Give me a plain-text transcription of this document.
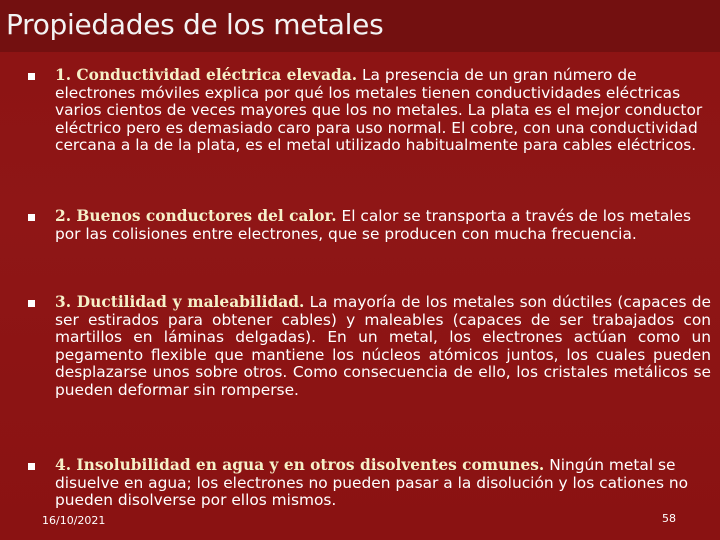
Propiedades de los metales
1. Conductividad eléctrica elevada. La presencia de un gran número de electrones móviles explica por qué los metales tienen conductividades eléctricas varios cientos de veces mayores que los no metales. La plata es el mejor conductor eléctrico pero es demasiado caro para uso normal. El cobre, con una conductividad cercana a la de la plata, es el metal utilizado habitualmente para cables eléctricos.
2. Buenos conductores del calor. El calor se transporta a través de los metales por las colisiones entre electrones, que se producen con mucha frecuencia.
3. Ductilidad y maleabilidad. La mayoría de los metales son dúctiles (capaces de ser estirados para obtener cables) y maleables (capaces de ser trabajados con martillos en láminas delgadas). En un metal, los electrones actúan como un pegamento flexible que mantiene los núcleos atómicos juntos, los cuales pueden desplazarse unos sobre otros. Como consecuencia de ello, los cristales metálicos se pueden deformar sin romperse.
4. Insolubilidad en agua y en otros disolventes comunes. Ningún metal se disuelve en agua; los electrones no pueden pasar a la disolución y los cationes no pueden disolverse por ellos mismos.
16/10/2021	58
